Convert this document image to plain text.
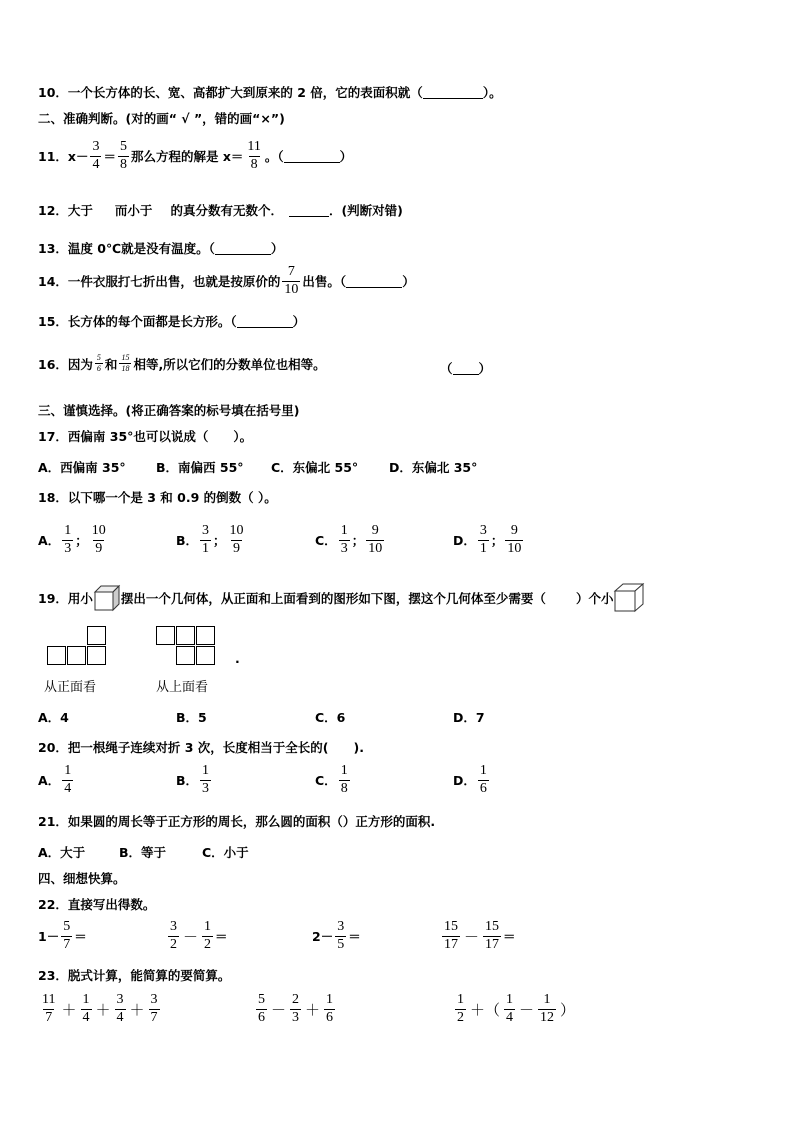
10． 一个长方体的长、宽、高都扩大到原来的 2 倍，它的表面积就（	）。
二、准确判断。(对的画“ √ ”，错的画“×”)
11． x－
3
4 ＝
5
8 那么方程的解是 x＝
11
8 。（	）
12． 大于 而小于 的真分数有无数个．	．(判断对错)
13． 温度 0℃就是没有温度。（	）
14． 一件衣服打七折出售，也就是按原价的
7
10 出售。（	）
15． 长方体的每个面都是长方形。（	）
16． 因为 5
6 和 15
18 相等,所以它们的分数单位也相等。	（ ）
三、谨慎选择。(将正确答案的标号填在括号里)
17． 西偏南 35°也可以说成（　　）。
A．西偏南 35° B．南偏西 55° C．东偏北 55° D．东偏北 35°
18． 以下哪一个是 3 和 0.9 的倒数（ ）。
A．
1
3 ；
10
9	B．
3
1 ；
10
9	C．
1
3 ；
9
10	D．
3
1 ；
9
10
19． 用小 摆出一个几何体，从正面和上面看到的图形如下图，摆这个几何体至少需要（ ）个小
从正面看	从上面看
.
A．4	B．5	C．6	D．7
20． 把一根绳子连续对折 3 次，长度相当于全长的(　　).
A．
1
4	B．
1
3	C．
1
8	D．
1
6
21． 如果圆的周长等于正方形的周长，那么圆的面积（）正方形的面积.
A．大于	B．等于	C．小于
四、细想快算。
22． 直接写出得数。
1－
5
7 ＝
3
2 －
1
2 ＝	2－
3
5 ＝
15
17 －
15
17 ＝
23． 脱式计算，能简算的要简算。
11
7 ＋
1
4 ＋
3
4 ＋
3
7
5
6 －
2
3 ＋
1
6
1
2 ＋（
1
4 －
1
12 ）
